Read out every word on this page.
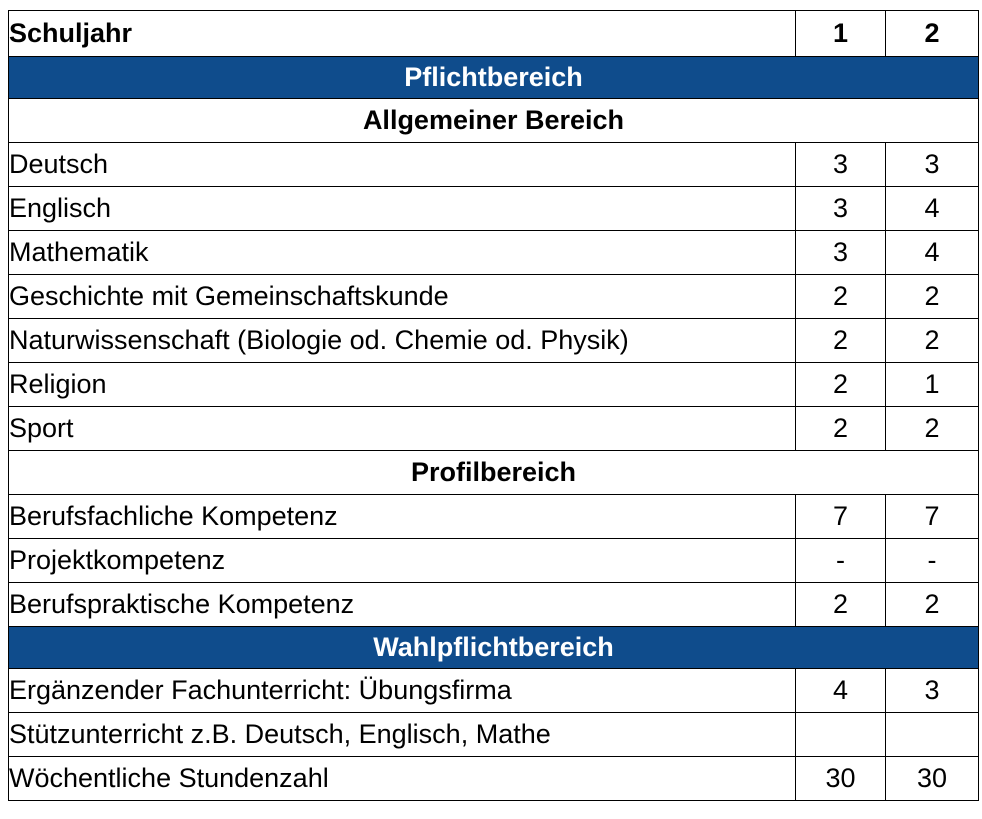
Schuljahr	1	2
Pflichtbereich		
Allgemeiner Bereich		
Deutsch	3	3
Englisch	3	4
Mathematik	3	4
Geschichte mit Gemeinschaftskunde	2	2
Naturwissenschaft (Biologie od. Chemie od. Physik)	2	2
Religion	2	1
Sport	2	2
Profilbereich		
Berufsfachliche Kompetenz	7	7
Projektkompetenz	-	-
Berufspraktische Kompetenz	2	2
Wahlpflichtbereich		
Ergänzender Fachunterricht: Übungsfirma	4	3
Stützunterricht z.B. Deutsch, Englisch, Mathe		
Wöchentliche Stundenzahl	30	30
